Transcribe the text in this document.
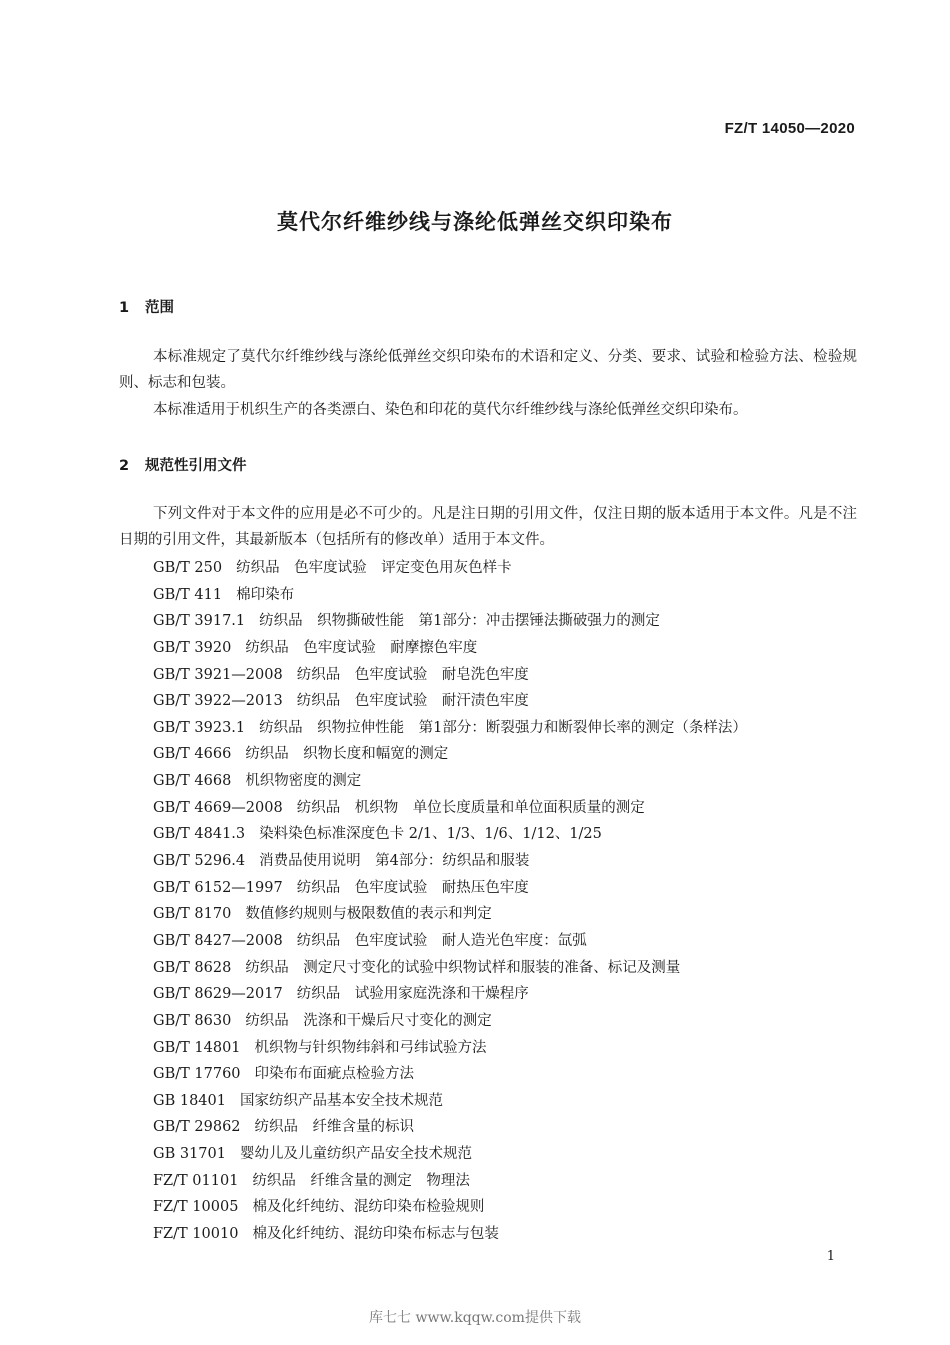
FZ/T 14050—2020
莫代尔纤维纱线与涤纶低弹丝交织印染布
1 范围

本标准规定了莫代尔纤维纱线与涤纶低弹丝交织印染布的术语和定义、分类、要求、试验和检验方法、检验规则、标志和包装。

本标准适用于机织生产的各类漂白、染色和印花的莫代尔纤维纱线与涤纶低弹丝交织印染布。

2 规范性引用文件

下列文件对于本文件的应用是必不可少的。凡是注日期的引用文件，仅注日期的版本适用于本文件。凡是不注日期的引用文件，其最新版本（包括所有的修改单）适用于本文件。

GB/T 250 纺织品　色牢度试验　评定变色用灰色样卡
GB/T 411 棉印染布
GB/T 3917.1 纺织品　织物撕破性能　第1部分：冲击摆锤法撕破强力的测定
GB/T 3920 纺织品　色牢度试验　耐摩擦色牢度
GB/T 3921—2008 纺织品　色牢度试验　耐皂洗色牢度
GB/T 3922—2013 纺织品　色牢度试验　耐汗渍色牢度
GB/T 3923.1 纺织品　织物拉伸性能　第1部分：断裂强力和断裂伸长率的测定（条样法）
GB/T 4666 纺织品　织物长度和幅宽的测定
GB/T 4668 机织物密度的测定
GB/T 4669—2008 纺织品　机织物　单位长度质量和单位面积质量的测定
GB/T 4841.3 染料染色标准深度色卡 2/1、1/3、1/6、1/12、1/25
GB/T 5296.4 消费品使用说明　第4部分：纺织品和服装
GB/T 6152—1997 纺织品　色牢度试验　耐热压色牢度
GB/T 8170 数值修约规则与极限数值的表示和判定
GB/T 8427—2008 纺织品　色牢度试验　耐人造光色牢度：氙弧
GB/T 8628 纺织品　测定尺寸变化的试验中织物试样和服装的准备、标记及测量
GB/T 8629—2017 纺织品　试验用家庭洗涤和干燥程序
GB/T 8630 纺织品　洗涤和干燥后尺寸变化的测定
GB/T 14801 机织物与针织物纬斜和弓纬试验方法
GB/T 17760 印染布布面疵点检验方法
GB 18401 国家纺织产品基本安全技术规范
GB/T 29862 纺织品　纤维含量的标识
GB 31701 婴幼儿及儿童纺织产品安全技术规范
FZ/T 01101 纺织品　纤维含量的测定　物理法
FZ/T 10005 棉及化纤纯纺、混纺印染布检验规则
FZ/T 10010 棉及化纤纯纺、混纺印染布标志与包装
1
库七七 www.kqqw.com提供下载
